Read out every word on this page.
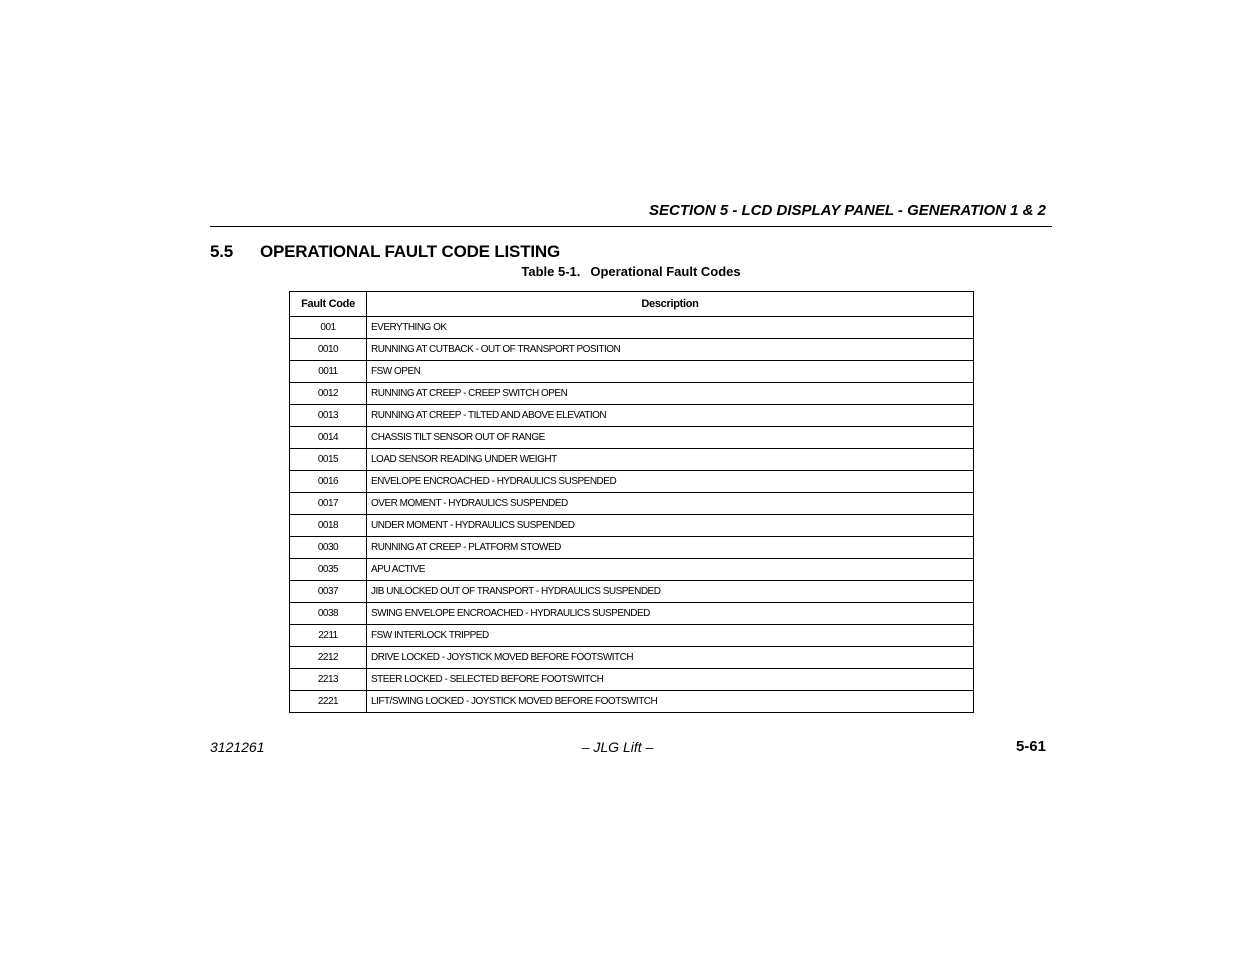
SECTION 5 - LCD DISPLAY PANEL - GENERATION 1 & 2
5.5 OPERATIONAL FAULT CODE LISTING
Table 5-1. Operational Fault Codes
Fault Code	Description
001	EVERYTHING OK
0010	RUNNING AT CUTBACK - OUT OF TRANSPORT POSITION
0011	FSW OPEN
0012	RUNNING AT CREEP - CREEP SWITCH OPEN
0013	RUNNING AT CREEP - TILTED AND ABOVE ELEVATION
0014	CHASSIS TILT SENSOR OUT OF RANGE
0015	LOAD SENSOR READING UNDER WEIGHT
0016	ENVELOPE ENCROACHED - HYDRAULICS SUSPENDED
0017	OVER MOMENT - HYDRAULICS SUSPENDED
0018	UNDER MOMENT - HYDRAULICS SUSPENDED
0030	RUNNING AT CREEP - PLATFORM STOWED
0035	APU ACTIVE
0037	JIB UNLOCKED OUT OF TRANSPORT - HYDRAULICS SUSPENDED
0038	SWING ENVELOPE ENCROACHED - HYDRAULICS SUSPENDED
2211	FSW INTERLOCK TRIPPED
2212	DRIVE LOCKED - JOYSTICK MOVED BEFORE FOOTSWITCH
2213	STEER LOCKED - SELECTED BEFORE FOOTSWITCH
2221	LIFT/SWING LOCKED - JOYSTICK MOVED BEFORE FOOTSWITCH
3121261	– JLG Lift –	5-61
